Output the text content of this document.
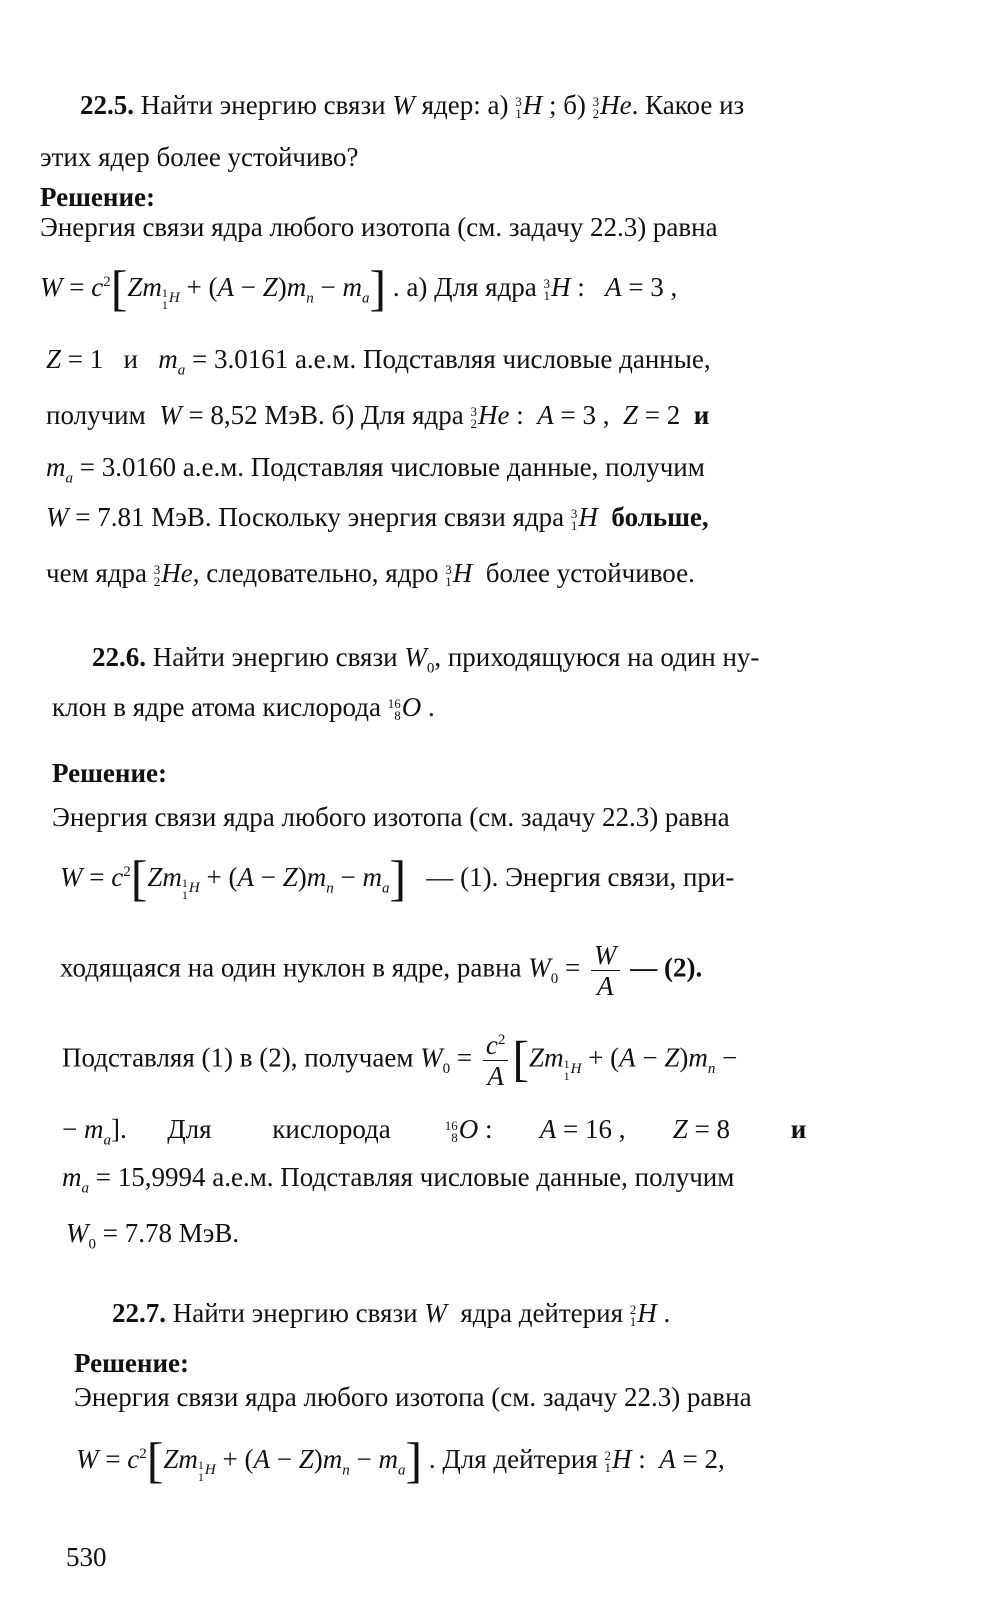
22.5. Найти энергию связи W ядер: а) 3
1 H ; б) 3
2 He. Какое из
этих ядер более устойчиво?
Решение:
Энергия связи ядра любого изотопа (см. задачу 22.3) равна
$W = c^2[Zm$ $_{1 1 H} + (A - Z)m_n - m_a$] . а) Для ядра 3
1 H :   A = 3 ,
Z = 1   и $m_a = 3.0161$ а.е.м. Подставляя числовые данные,
получим W = 8,52 МэВ. б) Для ядра 3
2 He :  A = 3 ,  Z = 2  и
$m_a = 3.0160$ а.е.м. Подставляя числовые данные, получим
W = 7.81 МэВ. Поскольку энергия связи ядра 3
1 H больше,
чем ядра 3
2 He, следовательно, ядро 3
1 H более устойчивое.
22.6. Найти энергию связи $W_0$, приходящуюся на один ну-
клон в ядре атома кислорода 16
8 O .
Решение:
Энергия связи ядра любого изотопа (см. задачу 22.3) равна
$W = c^2[Zm$ $_{1 1 H} + (A - Z)m_n - m_a$] — (1). Энергия связи, при-
ходящаяся на один нуклон в ядре, равна $W_0 = \frac{W}{A}$ — (2).
Подставляя (1) в (2), получаем $W_0 = \frac{c^2}{A} [Zm$ $_{1 1 H} + (A - Z)m_n$ −
− $m_a$].      Для кислорода	16
8 O :       A = 16 ,       Z = 8         и
$m_a = 15,9994$ а.е.м. Подставляя числовые данные, получим
$W_0 = 7.78$ МэВ.
22.7. Найти энергию связи W ядра дейтерия 2
1 H .
Решение:
Энергия связи ядра любого изотопа (см. задачу 22.3) равна
$W = c^2[Zm$ $_{1 1 H} + (A - Z)m_n - m_a$] . Для дейтерия 2
1 H :  A = 2,
530
